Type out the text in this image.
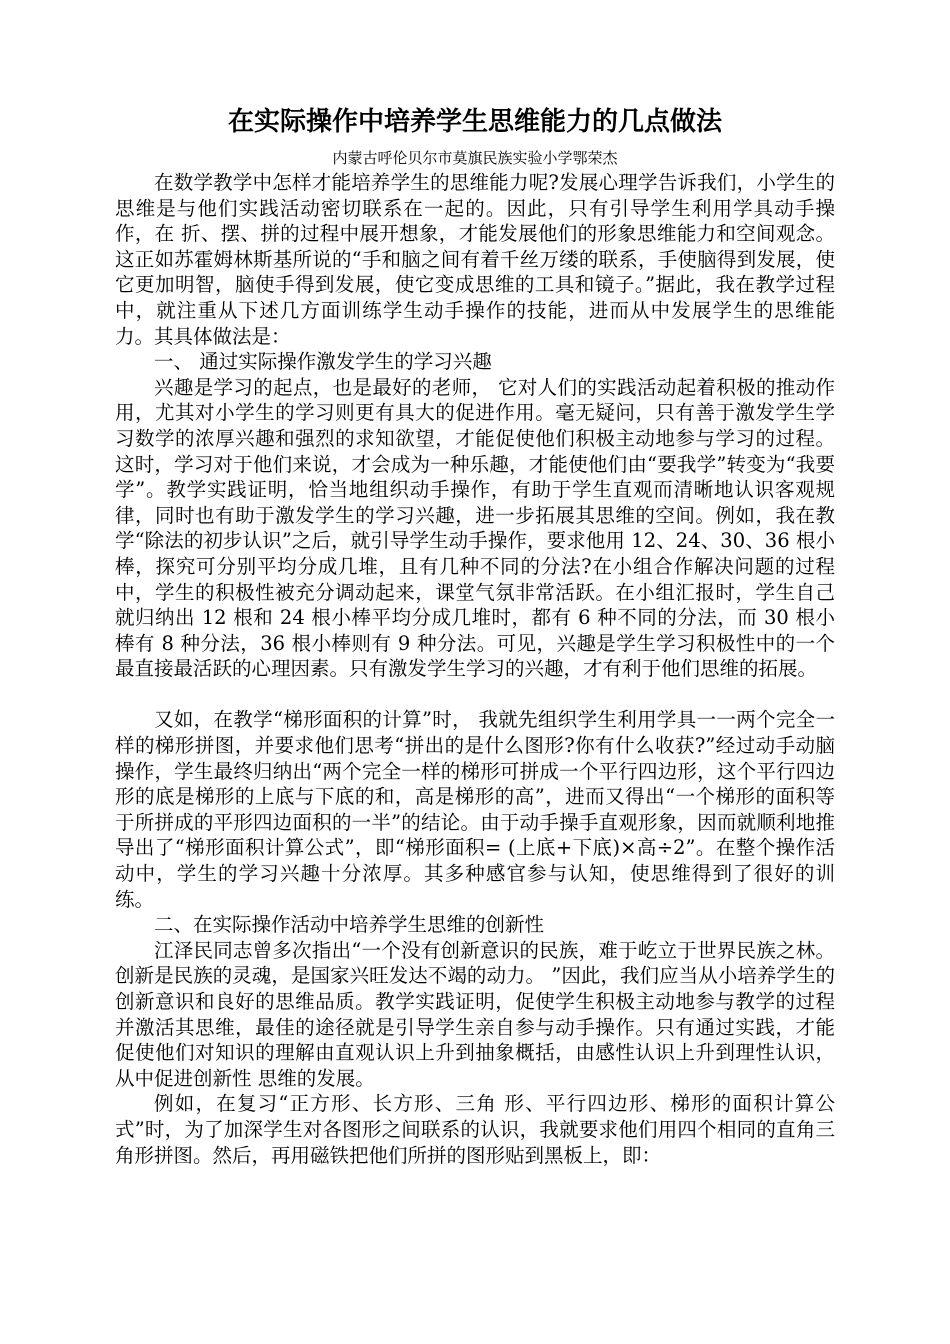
在实际操作中培养学生思维能力的几点做法
内蒙古呼伦贝尔市莫旗民族实验小学鄂荣杰

在数学教学中怎样才能培养学生的思维能力呢?发展心理学告诉我们，小学生的思维是与他们实践活动密切联系在一起的。因此，只有引导学生利用学具动手操作，在 折、摆、拼的过程中展开想象，才能发展他们的形象思维能力和空间观念。这正如苏霍姆林斯基所说的“手和脑之间有着千丝万缕的联系，手使脑得到发展，使它更加明智，脑使手得到发展，使它变成思维的工具和镜子。”据此，我在教学过程中，就注重从下述几方面训练学生动手操作的技能，进而从中发展学生的思维能力。其具体做法是：

一、 通过实际操作激发学生的学习兴趣

兴趣是学习的起点，也是最好的老师， 它对人们的实践活动起着积极的推动作用，尤其对小学生的学习则更有具大的促进作用。毫无疑问，只有善于激发学生学习数学的浓厚兴趣和强烈的求知欲望，才能促使他们积极主动地参与学习的过程。这时，学习对于他们来说，才会成为一种乐趣，才能使他们由“要我学”转变为“我要学”。教学实践证明，恰当地组织动手操作，有助于学生直观而清晰地认识客观规律，同时也有助于激发学生的学习兴趣，进一步拓展其思维的空间。例如，我在教学“除法的初步认识”之后，就引导学生动手操作，要求他用 12、24、30、36 根小棒，探究可分别平均分成几堆，且有几种不同的分法?在小组合作解决问题的过程中，学生的积极性被充分调动起来，课堂气氛非常活跃。在小组汇报时，学生自己就归纳出 12 根和 24 根小棒平均分成几堆时，都有 6 种不同的分法，而 30 根小棒有 8 种分法，36 根小棒则有 9 种分法。可见，兴趣是学生学习积极性中的一个最直接最活跃的心理因素。只有激发学生学习的兴趣，才有利于他们思维的拓展。

又如，在教学“梯形面积的计算”时， 我就先组织学生利用学具一一两个完全一样的梯形拼图，并要求他们思考“拼出的是什么图形?你有什么收获?”经过动手动脑操作，学生最终归纳出“两个完全一样的梯形可拼成一个平行四边形，这个平行四边形的底是梯形的上底与下底的和，高是梯形的高”，进而又得出“一个梯形的面积等于所拼成的平形四边面积的一半”的结论。由于动手操手直观形象，因而就顺利地推导出了“梯形面积计算公式”，即“梯形面积= (上底+下底)×高÷2”。在整个操作活动中，学生的学习兴趣十分浓厚。其多种感官参与认知，使思维得到了很好的训练。

二、在实际操作活动中培养学生思维的创新性

江泽民同志曾多次指出“一个没有创新意识的民族，难于屹立于世界民族之林。创新是民族的灵魂，是国家兴旺发达不竭的动力。 ”因此，我们应当从小培养学生的创新意识和良好的思维品质。教学实践证明，促使学生积极主动地参与教学的过程并激活其思维，最佳的途径就是引导学生亲自参与动手操作。只有通过实践，才能促使他们对知识的理解由直观认识上升到抽象概括，由感性认识上升到理性认识，从中促进创新性 思维的发展。

例如，在复习“正方形、长方形、三角 形、平行四边形、梯形的面积计算公式”时，为了加深学生对各图形之间联系的认识，我就要求他们用四个相同的直角三角形拼图。然后，再用磁铁把他们所拼的图形贴到黑板上，即：
